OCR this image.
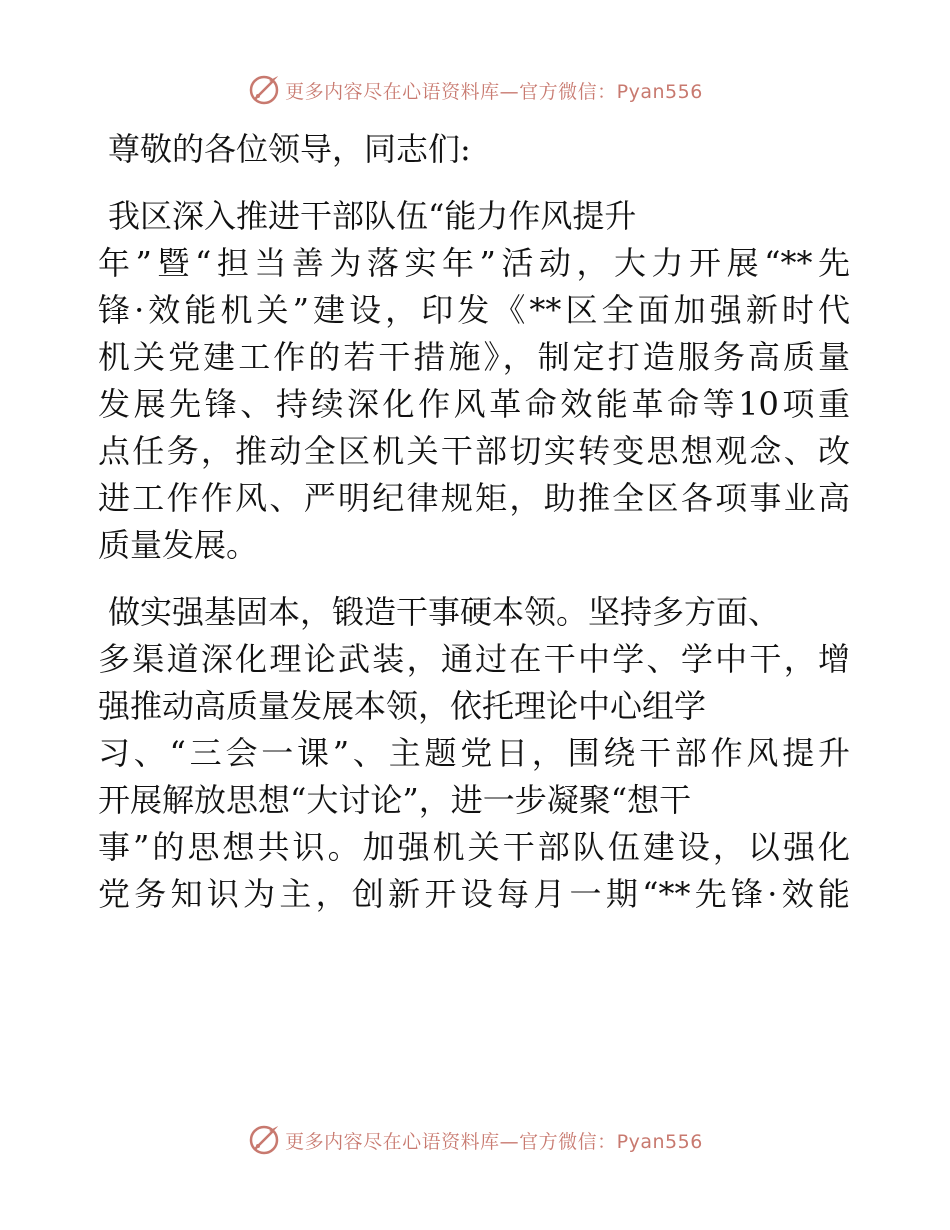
更多内容尽在心语资料库—官方微信：Pyan556
尊敬的各位领导，同志们:
我区深入推进干部队伍“能力作风提升
年”暨“担当善为落实年”活动，大力开展“**先
锋·效能机关”建设，印发《**区全面加强新时代
机关党建工作的若干措施》，制定打造服务高质量
发展先锋、持续深化作风革命效能革命等10项重
点任务，推动全区机关干部切实转变思想观念、改
进工作作风、严明纪律规矩，助推全区各项事业高
质量发展。
做实强基固本，锻造干事硬本领。坚持多方面、
多渠道深化理论武装，通过在干中学、学中干，增
强推动高质量发展本领，依托理论中心组学
习、“三会一课”、主题党日，围绕干部作风提升
开展解放思想“大讨论”，进一步凝聚“想干
事”的思想共识。加强机关干部队伍建设，以强化
党务知识为主，创新开设每月一期“**先锋·效能
更多内容尽在心语资料库—官方微信：Pyan556
